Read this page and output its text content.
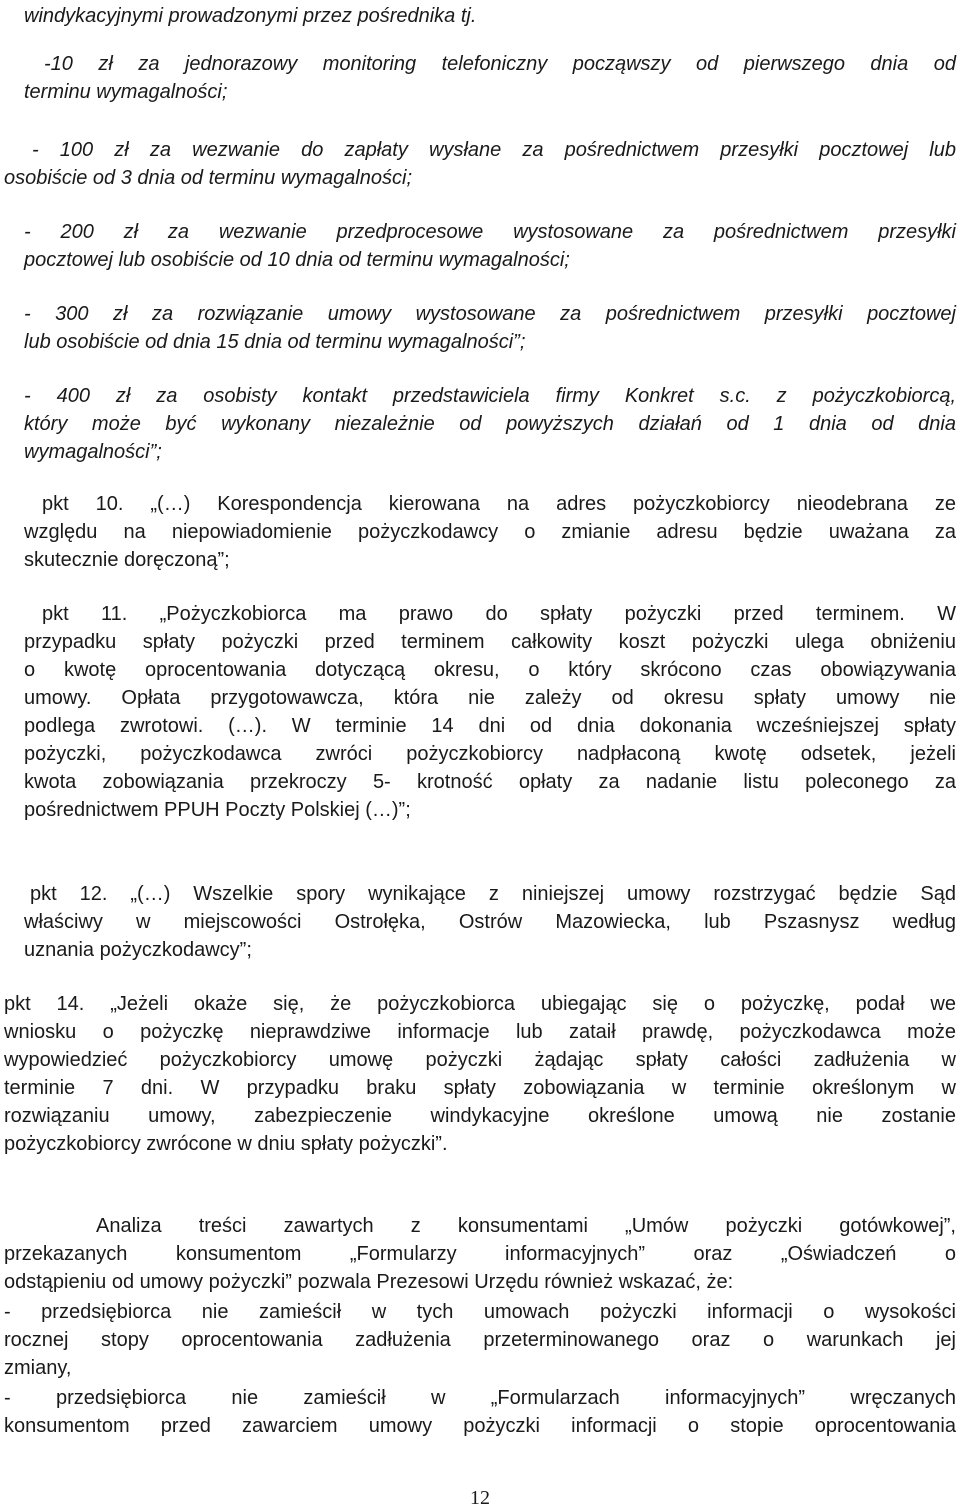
windykacyjnymi prowadzonymi przez pośrednika tj.
-10 zł za jednorazowy monitoring telefoniczny począwszy od pierwszego dnia od
terminu wymagalności;
- 100 zł za wezwanie do zapłaty wysłane za pośrednictwem przesyłki pocztowej lub
osobiście od 3 dnia od terminu wymagalności;
- 200 zł za wezwanie przedprocesowe wystosowane za pośrednictwem przesyłki
pocztowej lub osobiście od 10 dnia od terminu wymagalności;
- 300 zł za rozwiązanie umowy wystosowane za pośrednictwem przesyłki pocztowej
lub osobiście od dnia 15 dnia od terminu wymagalności”;
- 400 zł za osobisty kontakt przedstawiciela firmy Konkret s.c. z pożyczkobiorcą,
który może być wykonany niezależnie od powyższych działań od 1 dnia od dnia
wymagalności”;
pkt 10. „(…) Korespondencja kierowana na adres pożyczkobiorcy nieodebrana ze
względu na niepowiadomienie pożyczkodawcy o zmianie adresu będzie uważana za
skutecznie doręczoną”;
pkt 11. „Pożyczkobiorca ma prawo do spłaty pożyczki przed terminem. W
przypadku spłaty pożyczki przed terminem całkowity koszt pożyczki ulega obniżeniu
o kwotę oprocentowania dotyczącą okresu, o który skrócono czas obowiązywania
umowy. Opłata przygotowawcza, która nie zależy od okresu spłaty umowy nie
podlega zwrotowi. (…). W terminie 14 dni od dnia dokonania wcześniejszej spłaty
pożyczki, pożyczkodawca zwróci pożyczkobiorcy nadpłaconą kwotę odsetek, jeżeli
kwota zobowiązania przekroczy 5- krotność opłaty za nadanie listu poleconego za
pośrednictwem PPUH Poczty Polskiej (…)”;
pkt 12. „(…) Wszelkie spory wynikające z niniejszej umowy rozstrzygać będzie Sąd
właściwy w miejscowości Ostrołęka, Ostrów Mazowiecka, lub Pszasnysz według
uznania pożyczkodawcy”;
pkt 14. „Jeżeli okaże się, że pożyczkobiorca ubiegając się o pożyczkę, podał we
wniosku o pożyczkę nieprawdziwe informacje lub zataił prawdę, pożyczkodawca może
wypowiedzieć pożyczkobiorcy umowę pożyczki żądając spłaty całości zadłużenia w
terminie 7 dni. W przypadku braku spłaty zobowiązania w terminie określonym w
rozwiązaniu umowy, zabezpieczenie windykacyjne określone umową nie zostanie
pożyczkobiorcy zwrócone w dniu spłaty pożyczki”.
Analiza treści zawartych z konsumentami „Umów pożyczki gotówkowej”,
przekazanych konsumentom „Formularzy informacyjnych” oraz „Oświadczeń o
odstąpieniu od umowy pożyczki” pozwala Prezesowi Urzędu również wskazać, że:
- przedsiębiorca nie zamieścił w tych umowach pożyczki informacji o wysokości
rocznej stopy oprocentowania zadłużenia przeterminowanego oraz o warunkach jej
zmiany,
- przedsiębiorca nie zamieścił w „Formularzach informacyjnych” wręczanych
konsumentom przed zawarciem umowy pożyczki informacji o stopie oprocentowania
12
